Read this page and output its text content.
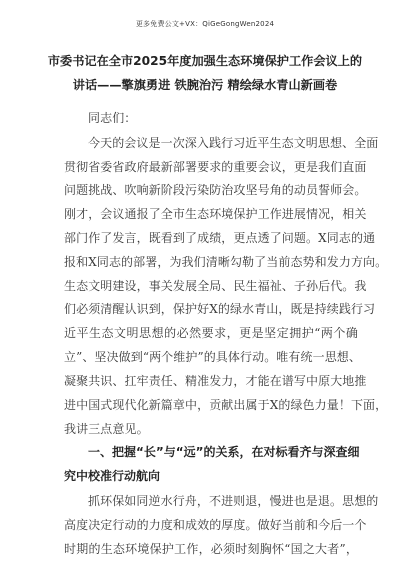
更多免费公文+VX：QiGeGongWen2024
市委书记在全市2025年度加强生态环境保护工作会议上的
讲话——擎旗勇进 铁腕治污 精绘绿水青山新画卷
同志们：
今天的会议是一次深入践行习近平生态文明思想、全面
贯彻省委省政府最新部署要求的重要会议，更是我们直面
问题挑战、吹响新阶段污染防治攻坚号角的动员誓师会。
刚才，会议通报了全市生态环境保护工作进展情况，相关
部门作了发言，既看到了成绩，更点透了问题。X同志的通
报和X同志的部署，为我们清晰勾勒了当前态势和发力方向。
生态文明建设，事关发展全局、民生福祉、子孙后代。我
们必须清醒认识到，保护好X的绿水青山，既是持续践行习
近平生态文明思想的必然要求，更是坚定拥护“两个确
立”、坚决做到“两个维护”的具体行动。唯有统一思想、
凝聚共识、扛牢责任、精准发力，才能在谱写中原大地推
进中国式现代化新篇章中，贡献出属于X的绿色力量！下面，
我讲三点意见。
一、把握“长”与“远”的关系，在对标看齐与深查细
究中校准行动航向
抓环保如同逆水行舟，不进则退，慢进也是退。思想的
高度决定行动的力度和成效的厚度。做好当前和今后一个
时期的生态环境保护工作，必须时刻胸怀“国之大者”，
